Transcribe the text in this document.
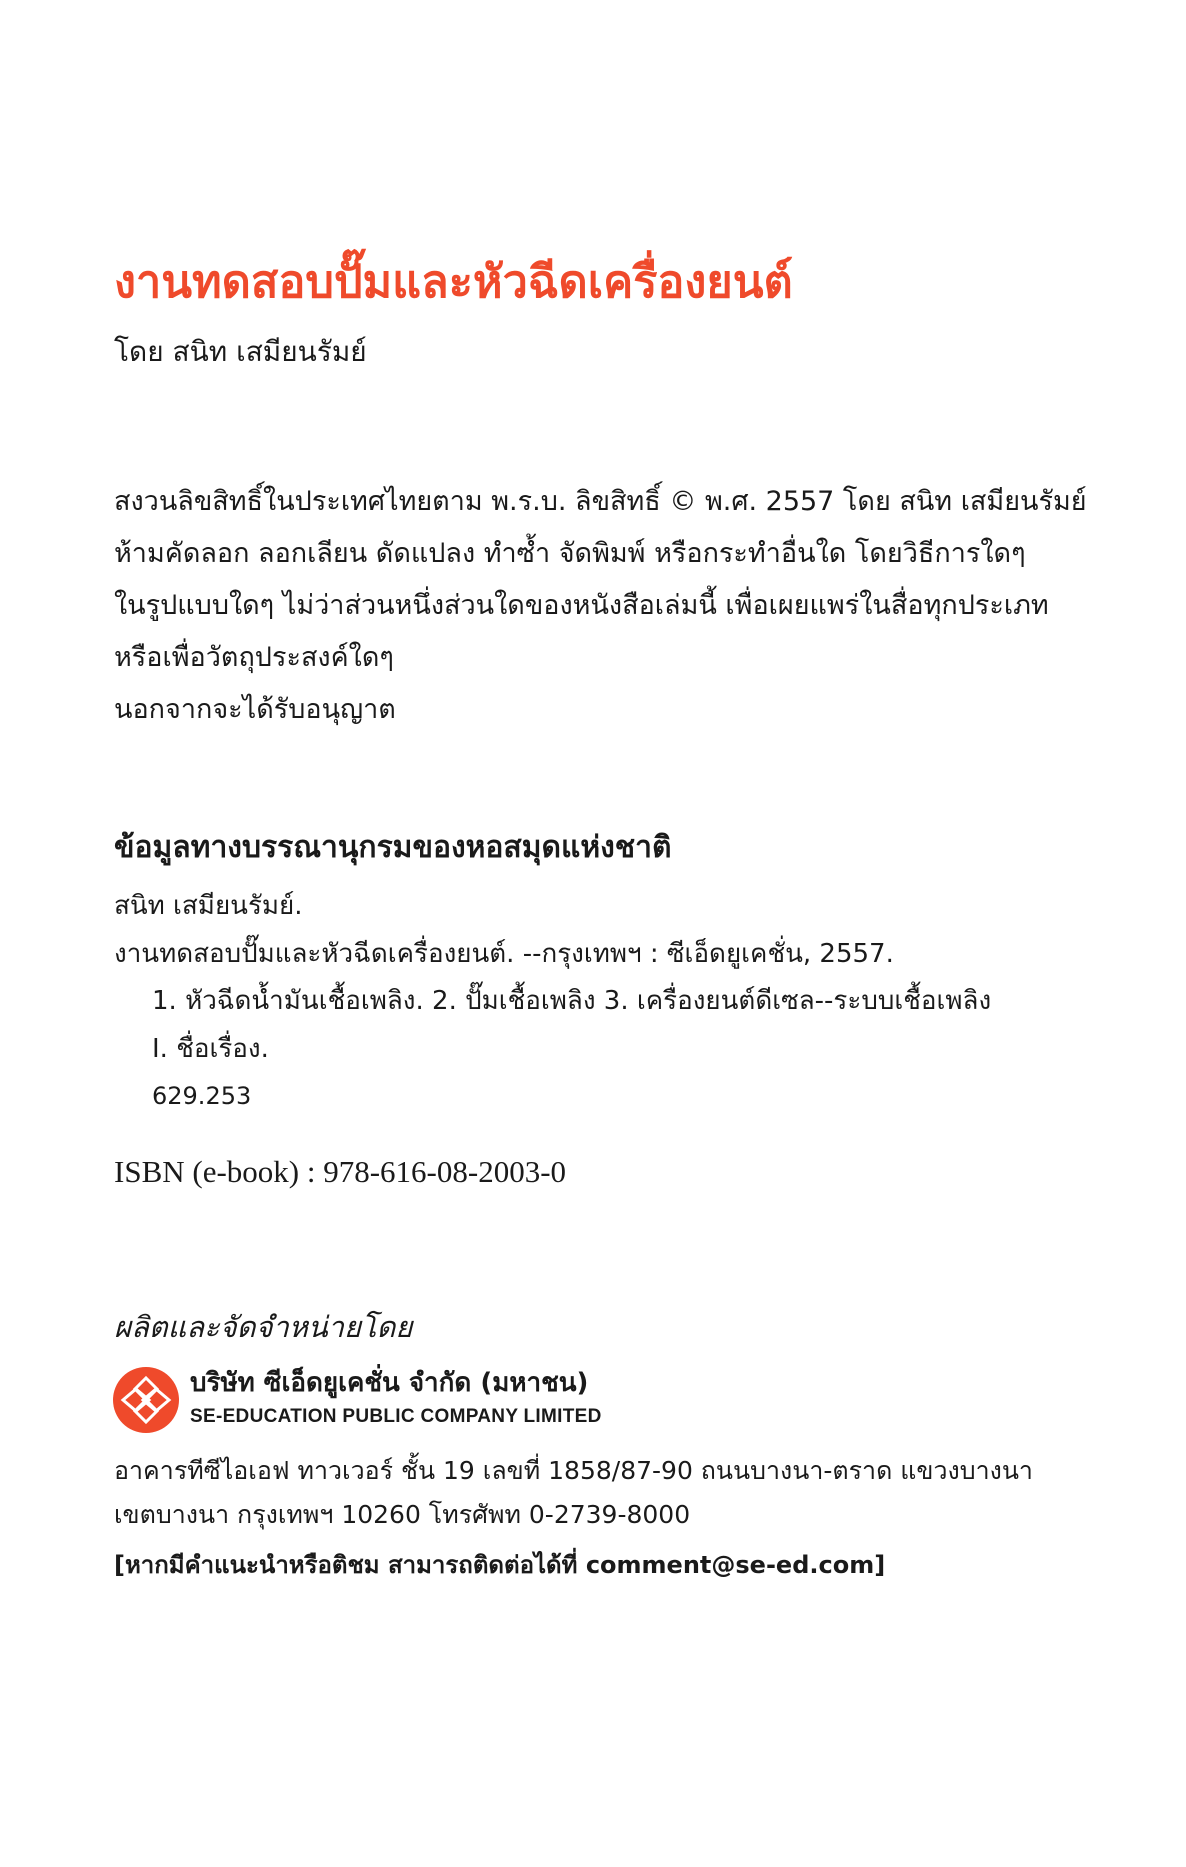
งานทดสอบปั๊มและหัวฉีดเครื่องยนต์
โดย สนิท เสมียนรัมย์
สงวนลิขสิทธิ์ในประเทศไทยตาม พ.ร.บ. ลิขสิทธิ์ © พ.ศ. 2557 โดย สนิท เสมียนรัมย์
ห้ามคัดลอก ลอกเลียน ดัดแปลง ทำซ้ำ จัดพิมพ์ หรือกระทำอื่นใด โดยวิธีการใดๆ
ในรูปแบบใดๆ ไม่ว่าส่วนหนึ่งส่วนใดของหนังสือเล่มนี้ เพื่อเผยแพร่ในสื่อทุกประเภท
หรือเพื่อวัตถุประสงค์ใดๆ
นอกจากจะได้รับอนุญาต
ข้อมูลทางบรรณานุกรมของหอสมุดแห่งชาติ
สนิท เสมียนรัมย์.
งานทดสอบปั๊มและหัวฉีดเครื่องยนต์. --กรุงเทพฯ : ซีเอ็ดยูเคชั่น, 2557.
1. หัวฉีดน้ำมันเชื้อเพลิง. 2. ปั๊มเชื้อเพลิง 3. เครื่องยนต์ดีเซล--ระบบเชื้อเพลิง
I. ชื่อเรื่อง.
629.253
ISBN (e-book) : 978-616-08-2003-0
ผลิตและจัดจำหน่ายโดย
บริษัท ซีเอ็ดยูเคชั่น จำกัด (มหาชน)
SE-EDUCATION PUBLIC COMPANY LIMITED
อาคารทีซีไอเอฟ ทาวเวอร์ ชั้น 19 เลขที่ 1858/87-90 ถนนบางนา-ตราด แขวงบางนา
เขตบางนา กรุงเทพฯ 10260 โทรศัพท 0-2739-8000
[หากมีคำแนะนำหรือติชม สามารถติดต่อได้ที่ comment@se-ed.com]
